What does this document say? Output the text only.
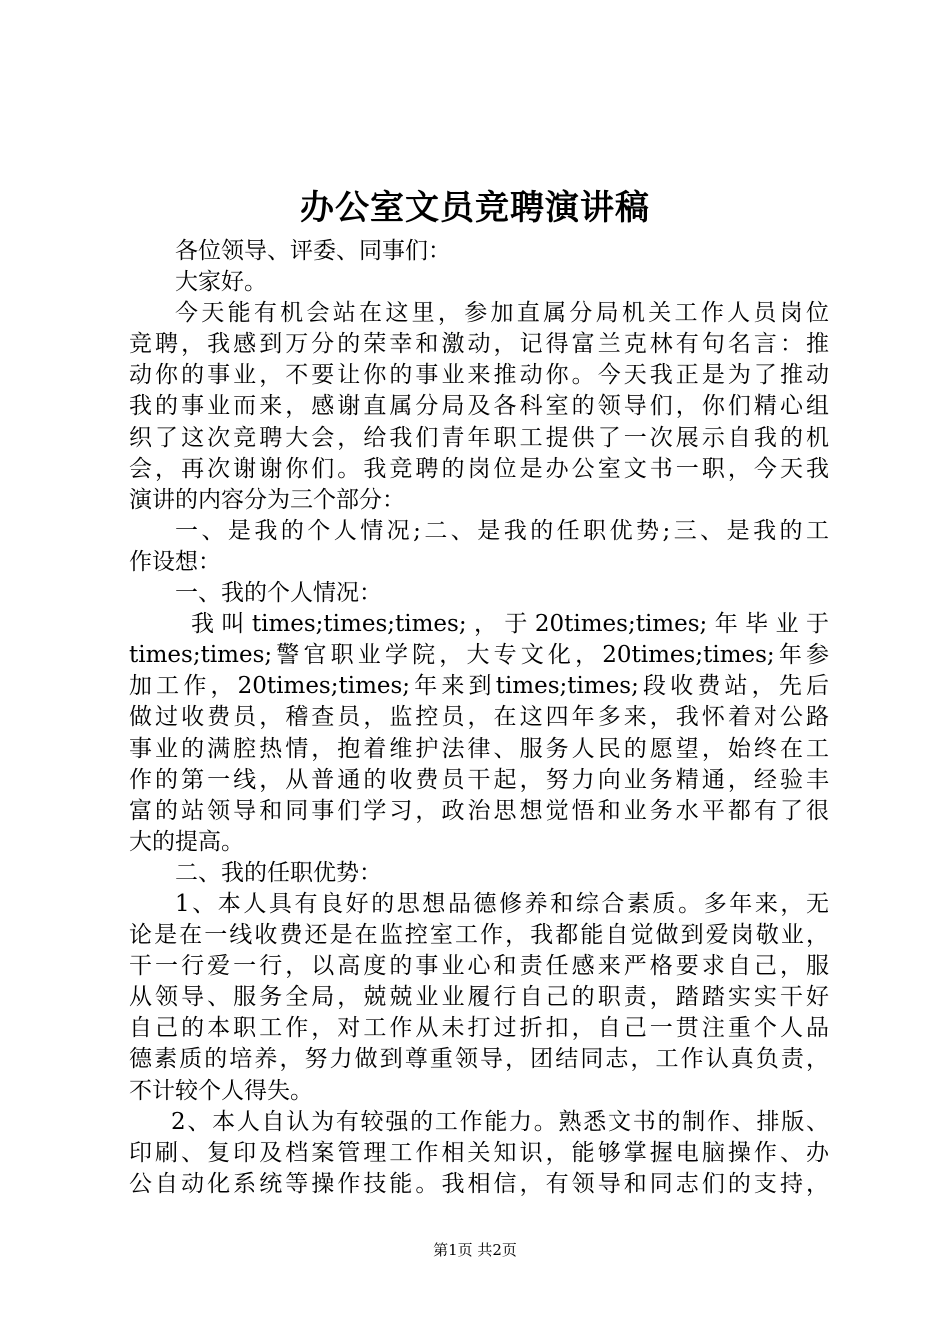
办公室文员竞聘演讲稿
各位领导、评委、同事们：
大家好。
今天能有机会站在这里，参加直属分局机关工作人员岗位
竞聘，我感到万分的荣幸和激动，记得富兰克林有句名言：推
动你的事业，不要让你的事业来推动你。今天我正是为了推动
我的事业而来，感谢直属分局及各科室的领导们，你们精心组
织了这次竞聘大会，给我们青年职工提供了一次展示自我的机
会，再次谢谢你们。我竞聘的岗位是办公室文书一职，今天我
演讲的内容分为三个部分：
一、是我的个人情况;二、是我的任职优势;三、是我的工
作设想：
一、我的个人情况：
我叫times;times;times;，于20times;times;年毕业于
times;times;警官职业学院，大专文化，20times;times;年参
加工作，20times;times;年来到times;times;段收费站，先后
做过收费员，稽查员，监控员，在这四年多来，我怀着对公路
事业的满腔热情，抱着维护法律、服务人民的愿望，始终在工
作的第一线，从普通的收费员干起，努力向业务精通，经验丰
富的站领导和同事们学习，政治思想觉悟和业务水平都有了很
大的提高。
二、我的任职优势：
1、本人具有良好的思想品德修养和综合素质。多年来，无
论是在一线收费还是在监控室工作，我都能自觉做到爱岗敬业，
干一行爱一行，以高度的事业心和责任感来严格要求自己，服
从领导、服务全局，兢兢业业履行自己的职责，踏踏实实干好
自己的本职工作，对工作从未打过折扣，自己一贯注重个人品
德素质的培养，努力做到尊重领导，团结同志，工作认真负责，
不计较个人得失。
2、本人自认为有较强的工作能力。熟悉文书的制作、排版、
印刷、复印及档案管理工作相关知识，能够掌握电脑操作、办
公自动化系统等操作技能。我相信，有领导和同志们的支持，
第1页 共2页
